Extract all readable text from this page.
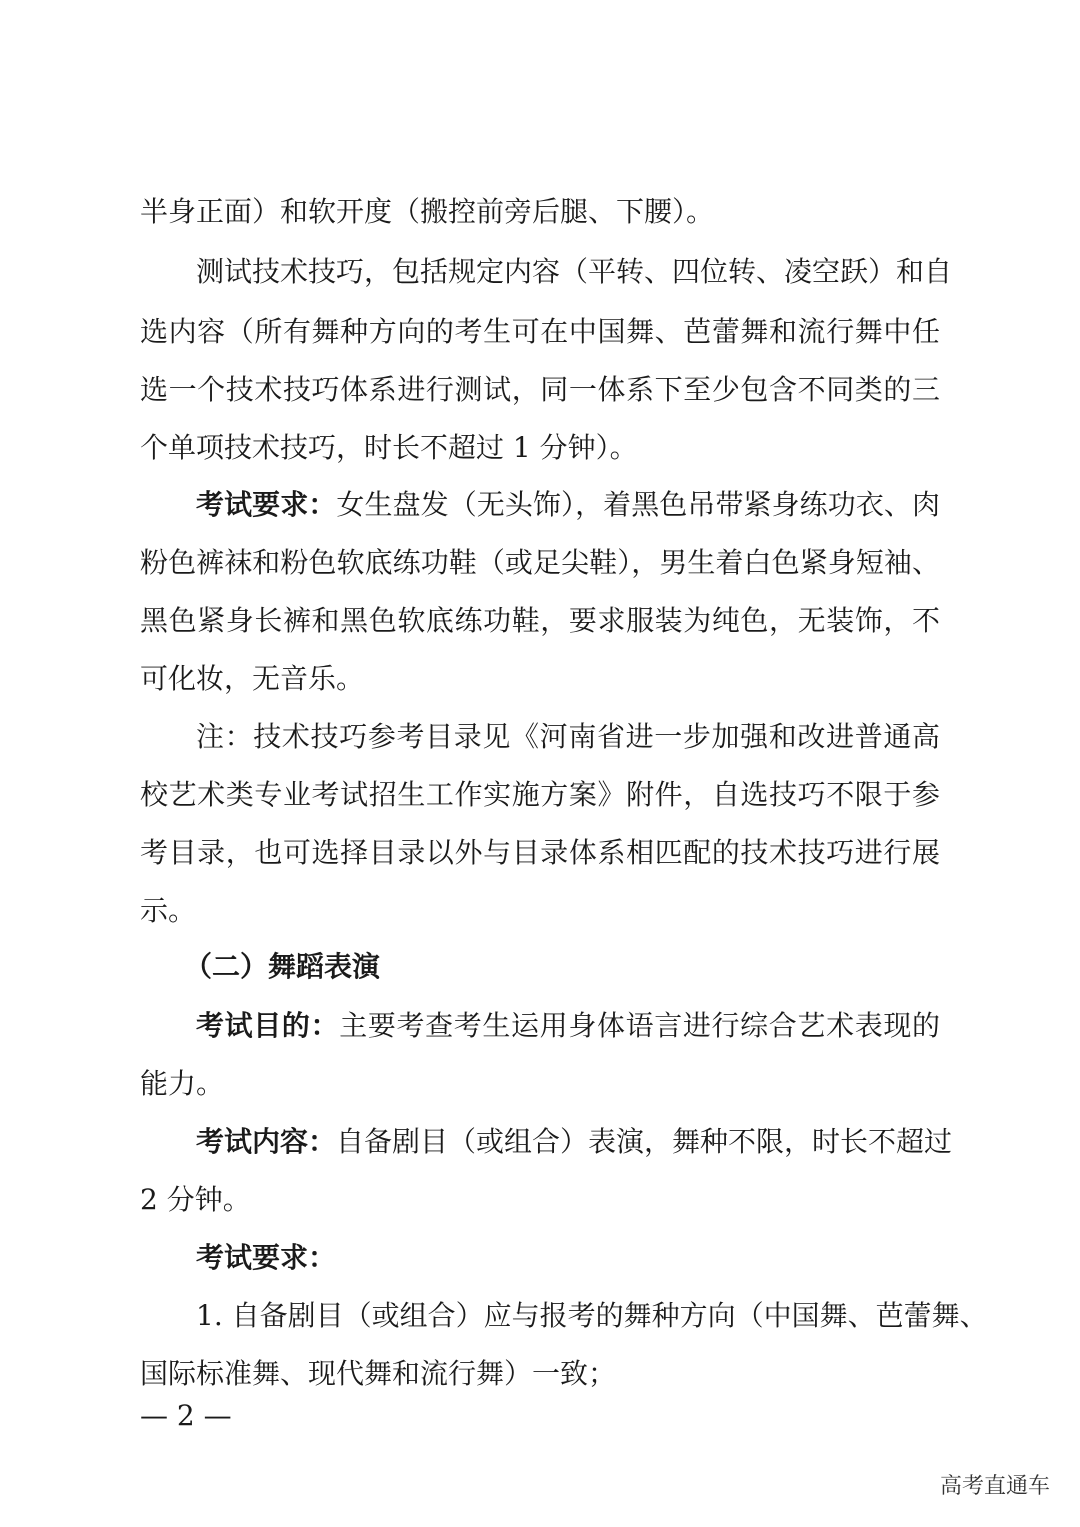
半身正面）和软开度（搬控前旁后腿、下腰）。
测试技术技巧，包括规定内容（平转、四位转、凌空跃）和自
选内容（所有舞种方向的考生可在中国舞、芭蕾舞和流行舞中任
选一个技术技巧体系进行测试，同一体系下至少包含不同类的三
个单项技术技巧，时长不超过 1 分钟）。
考试要求：女生盘发（无头饰），着黑色吊带紧身练功衣、肉
粉色裤袜和粉色软底练功鞋（或足尖鞋），男生着白色紧身短袖、
黑色紧身长裤和黑色软底练功鞋，要求服装为纯色，无装饰，不
可化妆，无音乐。
注：技术技巧参考目录见《河南省进一步加强和改进普通高
校艺术类专业考试招生工作实施方案》附件，自选技巧不限于参
考目录，也可选择目录以外与目录体系相匹配的技术技巧进行展
示。
（二）舞蹈表演
考试目的：主要考查考生运用身体语言进行综合艺术表现的
能力。
考试内容：自备剧目（或组合）表演，舞种不限，时长不超过
2 分钟。
考试要求：
1. 自备剧目（或组合）应与报考的舞种方向（中国舞、芭蕾舞、
国际标准舞、现代舞和流行舞）一致；
— 2 —
高考直通车
